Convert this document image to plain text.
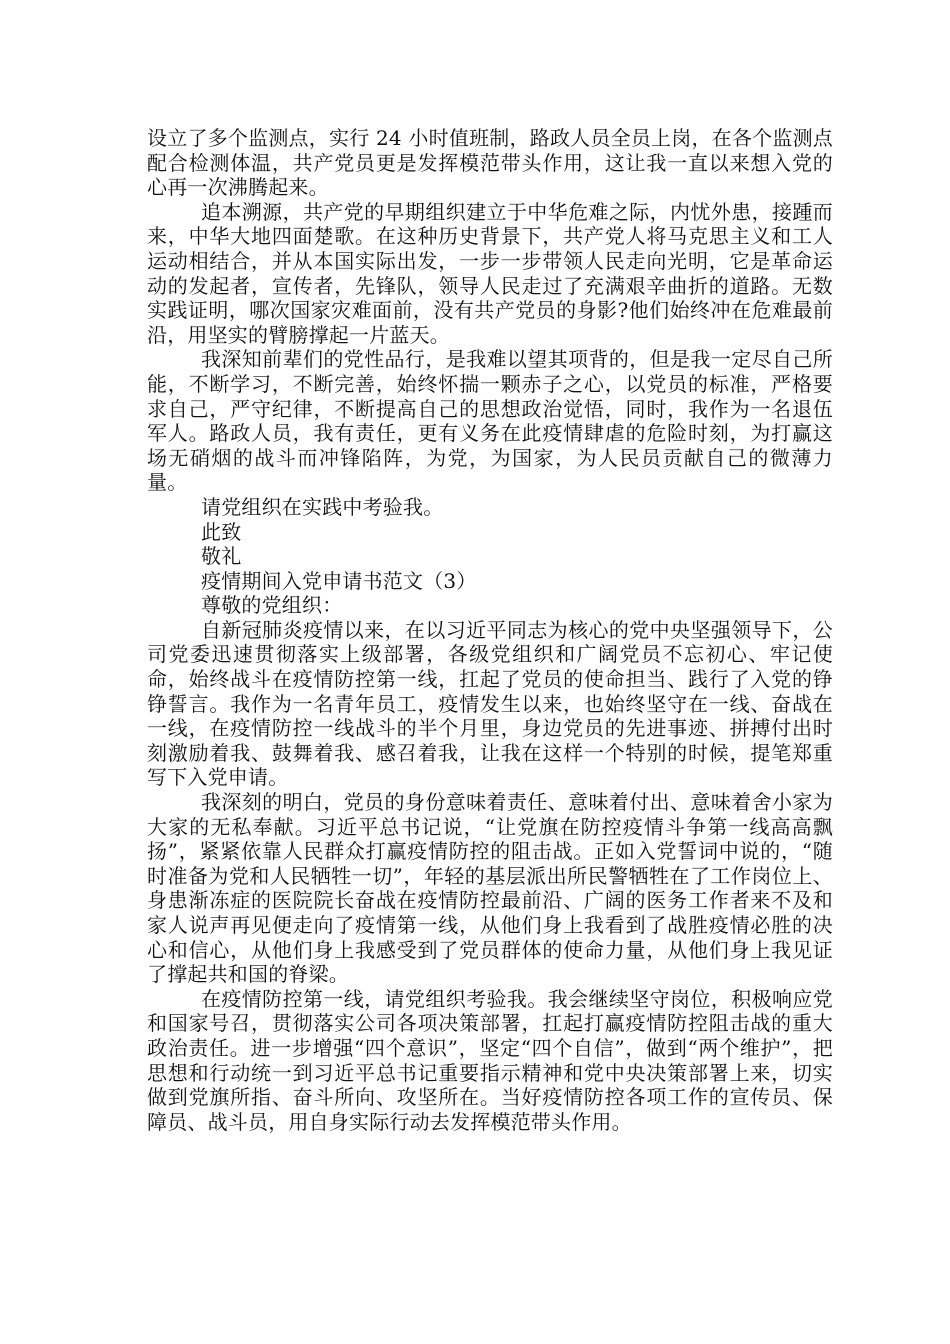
设立了多个监测点，实行 24 小时值班制，路政人员全员上岗，在各个监测点配合检测体温，共产党员更是发挥模范带头作用，这让我一直以来想入党的心再一次沸腾起来。

追本溯源，共产党的早期组织建立于中华危难之际，内忧外患，接踵而来，中华大地四面楚歌。在这种历史背景下，共产党人将马克思主义和工人运动相结合，并从本国实际出发，一步一步带领人民走向光明，它是革命运动的发起者，宣传者，先锋队，领导人民走过了充满艰辛曲折的道路。无数实践证明，哪次国家灾难面前，没有共产党员的身影?他们始终冲在危难最前沿，用坚实的臂膀撑起一片蓝天。

我深知前辈们的党性品行，是我难以望其项背的，但是我一定尽自己所能，不断学习，不断完善，始终怀揣一颗赤子之心，以党员的标准，严格要求自己，严守纪律，不断提高自己的思想政治觉悟，同时，我作为一名退伍军人。路政人员，我有责任，更有义务在此疫情肆虐的危险时刻，为打赢这场无硝烟的战斗而冲锋陷阵，为党，为国家，为人民员贡献自己的微薄力量。

请党组织在实践中考验我。

此致

敬礼

疫情期间入党申请书范文（3）

尊敬的党组织：

自新冠肺炎疫情以来，在以习近平同志为核心的党中央坚强领导下，公司党委迅速贯彻落实上级部署，各级党组织和广阔党员不忘初心、牢记使命，始终战斗在疫情防控第一线，扛起了党员的使命担当、践行了入党的铮铮誓言。我作为一名青年员工，疫情发生以来，也始终坚守在一线、奋战在一线，在疫情防控一线战斗的半个月里，身边党员的先进事迹、拼搏付出时刻激励着我、鼓舞着我、感召着我，让我在这样一个特别的时候，提笔郑重写下入党申请。

我深刻的明白，党员的身份意味着责任、意味着付出、意味着舍小家为大家的无私奉献。习近平总书记说，“让党旗在防控疫情斗争第一线高高飘扬”，紧紧依靠人民群众打赢疫情防控的阻击战。正如入党誓词中说的，“随时准备为党和人民牺牲一切”，年轻的基层派出所民警牺牲在了工作岗位上、身患渐冻症的医院院长奋战在疫情防控最前沿、广阔的医务工作者来不及和家人说声再见便走向了疫情第一线，从他们身上我看到了战胜疫情必胜的决心和信心，从他们身上我感受到了党员群体的使命力量，从他们身上我见证了撑起共和国的脊梁。

在疫情防控第一线，请党组织考验我。我会继续坚守岗位，积极响应党和国家号召，贯彻落实公司各项决策部署，扛起打赢疫情防控阻击战的重大政治责任。进一步增强“四个意识”，坚定“四个自信”，做到“两个维护”，把思想和行动统一到习近平总书记重要指示精神和党中央决策部署上来，切实做到党旗所指、奋斗所向、攻坚所在。当好疫情防控各项工作的宣传员、保障员、战斗员，用自身实际行动去发挥模范带头作用。
